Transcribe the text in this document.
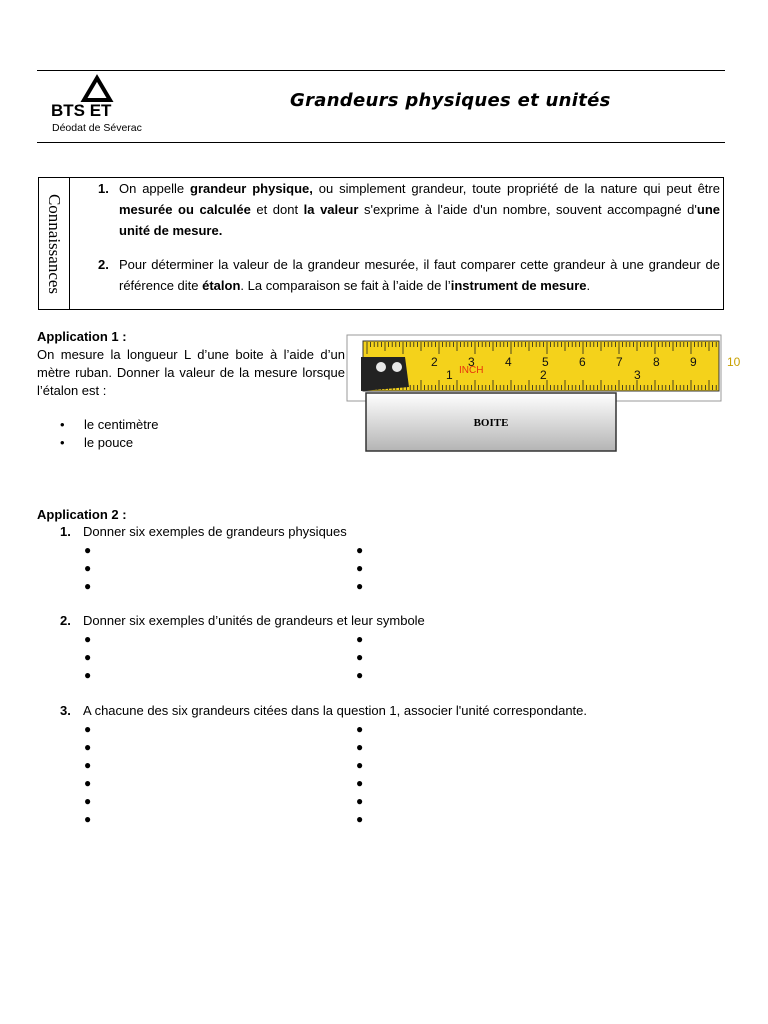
BTS ET
Déodat de Séverac
Grandeurs physiques et unités
Connaissances
1. On appelle grandeur physique, ou simplement grandeur, toute propriété de la nature qui peut être mesurée ou calculée et dont la valeur s'exprime à l'aide d'un nombre, souvent accompagné d'une unité de mesure.
2. Pour déterminer la valeur de la grandeur mesurée, il faut comparer cette grandeur à une grandeur de référence dite étalon. La comparaison se fait à l’aide de l’instrument de mesure.
Application 1 :
On mesure la longueur L d’une boite à l’aide d’un mètre ruban. Donner la valeur de la mesure lorsque l’étalon est :
• le centimètre
• le pouce
INCH
2	3	4	5	6	7	8	9	10
1	2	3
BOITE
Application 2 :
1. Donner six exemples de grandeurs physiques
●	●
●	●
●	●
2. Donner six exemples d’unités de grandeurs et leur symbole
●	●
●	●
●	●
3. A chacune des six grandeurs citées dans la question 1, associer l'unité correspondante.
●	●
●	●
●	●
●	●
●	●
●	●
